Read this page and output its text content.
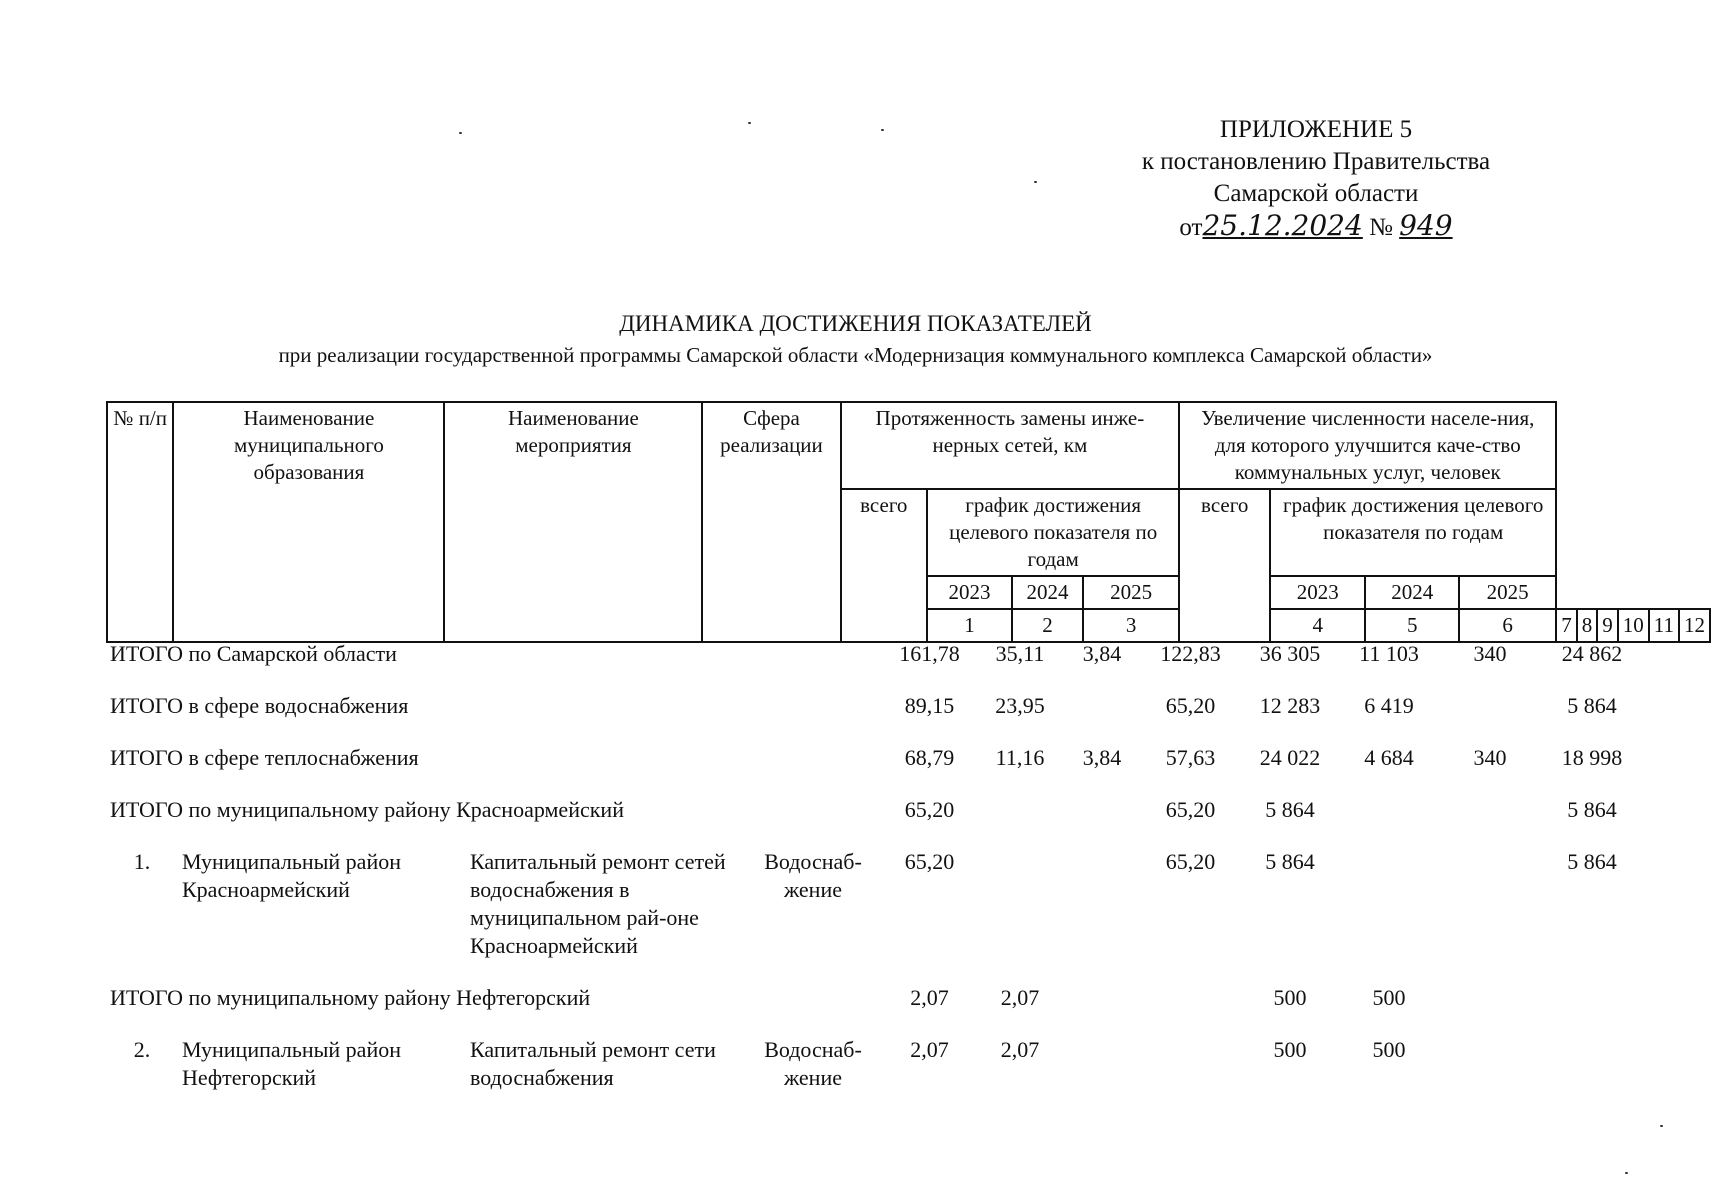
ПРИЛОЖЕНИЕ 5
к постановлению Правительства
Самарской области
от25.12.2024 № 949
ДИНАМИКА ДОСТИЖЕНИЯ ПОКАЗАТЕЛЕЙ
при реализации государственной программы Самарской области «Модернизация коммунального комплекса Самарской области»
№ п/п	Наименование муниципального образования	Наименование мероприятия	Сфера реализации	Протяженность замены инже-нерных сетей, км				Увеличение численности населе-ния, для которого улучшится каче-ство коммунальных услуг, человек									
				всего	график достижения целевого показателя по годам			всего	график достижения целевого показателя по годам								
					2023	2024	2025		2023	2024	2025						
					1	2	3		4	5	6	7	8	9	10	11	12
ИТОГО по Самарской области				161,78	35,11	3,84	122,83	36 305	11 103	340	24 862

ИТОГО в сфере водоснабжения				89,15	23,95		65,20	12 283	6 419		5 864

ИТОГО в сфере теплоснабжения				68,79	11,16	3,84	57,63	24 022	4 684	340	18 998

ИТОГО по муниципальному району Красноармейский				65,20			65,20	5 864			5 864

1.	Муниципальный район Красноармейский	Капитальный ремонт сетей водоснабжения в муниципальном рай-оне Красноармейский	Водоснаб-жение	65,20			65,20	5 864			5 864

ИТОГО по муниципальному району Нефтегорский				2,07	2,07			500	500		

2.	Муниципальный район Нефтегорский	Капитальный ремонт сети водоснабжения	Водоснаб-жение	2,07	2,07			500	500		
